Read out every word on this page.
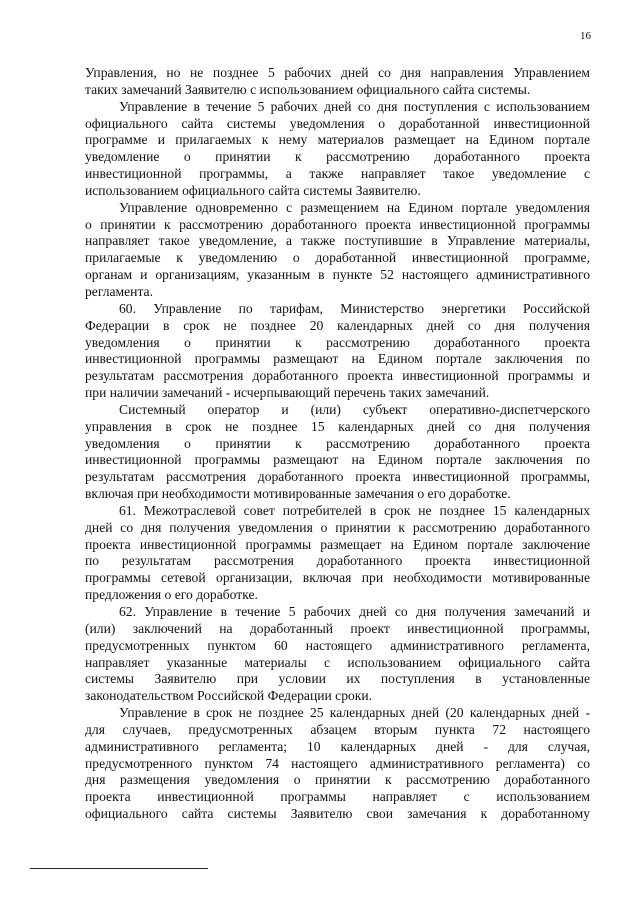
16
Управления, но не позднее 5 рабочих дней со дня направления Управлением
таких замечаний Заявителю с использованием официального сайта системы.
Управление в течение 5 рабочих дней со дня поступления с использованием
официального сайта системы уведомления о доработанной инвестиционной
программе и прилагаемых к нему материалов размещает на Едином портале
уведомление о принятии к рассмотрению доработанного проекта
инвестиционной программы, а также направляет такое уведомление с
использованием официального сайта системы Заявителю.
Управление одновременно с размещением на Едином портале уведомления
о принятии к рассмотрению доработанного проекта инвестиционной программы
направляет такое уведомление, а также поступившие в Управление материалы,
прилагаемые к уведомлению о доработанной инвестиционной программе,
органам и организациям, указанным в пункте 52 настоящего административного
регламента.
60. Управление по тарифам, Министерство энергетики Российской
Федерации в срок не позднее 20 календарных дней со дня получения
уведомления о принятии к рассмотрению доработанного проекта
инвестиционной программы размещают на Едином портале заключения по
результатам рассмотрения доработанного проекта инвестиционной программы и
при наличии замечаний - исчерпывающий перечень таких замечаний.
Системный оператор и (или) субъект оперативно-диспетчерского
управления в срок не позднее 15 календарных дней со дня получения
уведомления о принятии к рассмотрению доработанного проекта
инвестиционной программы размещают на Едином портале заключения по
результатам рассмотрения доработанного проекта инвестиционной программы,
включая при необходимости мотивированные замечания о его доработке.
61. Межотраслевой совет потребителей в срок не позднее 15 календарных
дней со дня получения уведомления о принятии к рассмотрению доработанного
проекта инвестиционной программы размещает на Едином портале заключение
по результатам рассмотрения доработанного проекта инвестиционной
программы сетевой организации, включая при необходимости мотивированные
предложения о его доработке.
62. Управление в течение 5 рабочих дней со дня получения замечаний и
(или) заключений на доработанный проект инвестиционной программы,
предусмотренных пунктом 60 настоящего административного регламента,
направляет указанные материалы с использованием официального сайта
системы Заявителю при условии их поступления в установленные
законодательством Российской Федерации сроки.
Управление в срок не позднее 25 календарных дней (20 календарных дней -
для случаев, предусмотренных абзацем вторым пункта 72 настоящего
административного регламента; 10 календарных дней - для случая,
предусмотренного пунктом 74 настоящего административного регламента) со
дня размещения уведомления о принятии к рассмотрению доработанного
проекта инвестиционной программы направляет с использованием
официального сайта системы Заявителю свои замечания к доработанному
